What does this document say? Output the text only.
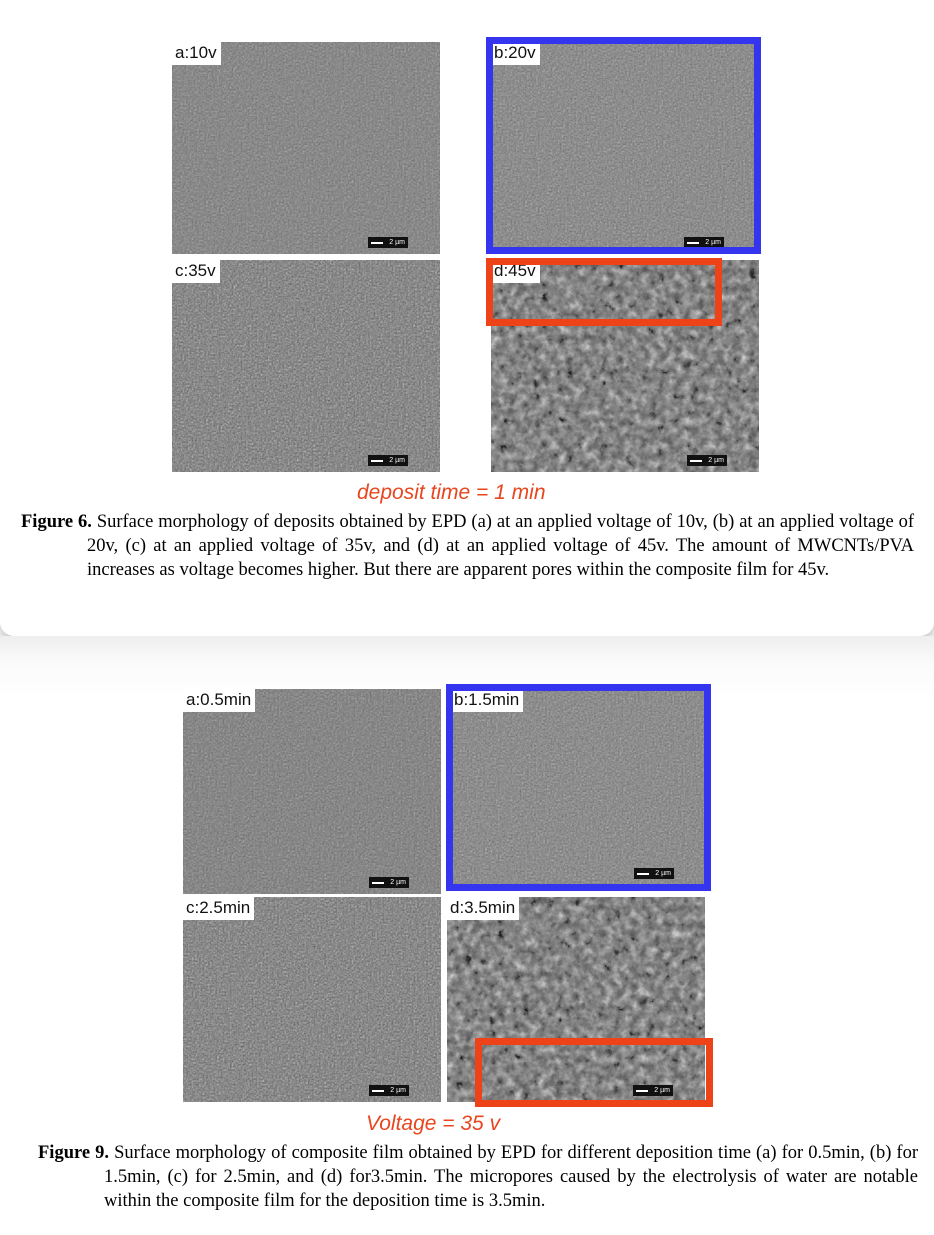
a:10v
2 µm
b:20v
2 µm
c:35v
2 µm
d:45v
2 µm
deposit time = 1 min
Figure 6. Surface morphology of deposits obtained by EPD (a) at an applied voltage of 10v, (b) at an applied voltage of 20v, (c) at an applied voltage of 35v, and (d) at an applied voltage of 45v. The amount of MWCNTs/PVA increases as voltage becomes higher. But there are apparent pores within the composite film for 45v.
a:0.5min
2 µm
b:1.5min
2 µm
c:2.5min
2 µm
d:3.5min
2 µm
Voltage = 35 v
Figure 9. Surface morphology of composite film obtained by EPD for different deposition time (a) for 0.5min, (b) for 1.5min, (c) for 2.5min, and (d) for3.5min. The micropores caused by the electrolysis of water are notable within the composite film for the deposition time is 3.5min.
